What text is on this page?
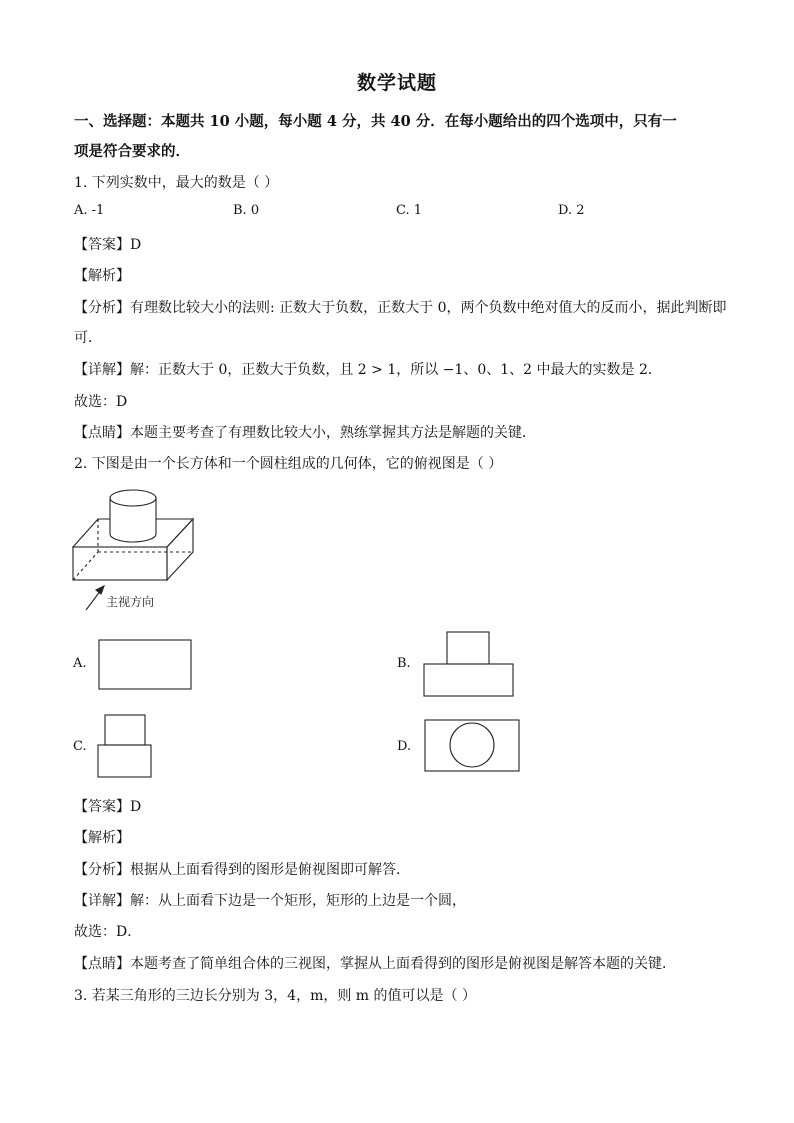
数学试题
一、选择题：本题共 10 小题，每小题 4 分，共 40 分．在每小题给出的四个选项中，只有一
项是符合要求的．
1. 下列实数中，最大的数是（ ）
A. -1	B. 0	C. 1	D. 2
【答案】D
【解析】
【分析】有理数比较大小的法则: 正数大于负数，正数大于 0，两个负数中绝对值大的反而小，据此判断即
可．
【详解】解：正数大于 0，正数大于负数，且 2 > 1，所以 −1、0、1、2 中最大的实数是 2．
故选：D
【点睛】本题主要考查了有理数比较大小，熟练掌握其方法是解题的关键．
2. 下图是由一个长方体和一个圆柱组成的几何体，它的俯视图是（ ）
主视方向
A.	B.
C.	D.
【答案】D
【解析】
【分析】根据从上面看得到的图形是俯视图即可解答．
【详解】解：从上面看下边是一个矩形，矩形的上边是一个圆，
故选：D．
【点睛】本题考查了简单组合体的三视图，掌握从上面看得到的图形是俯视图是解答本题的关键．
3. 若某三角形的三边长分别为 3，4，m，则 m 的值可以是（ ）
